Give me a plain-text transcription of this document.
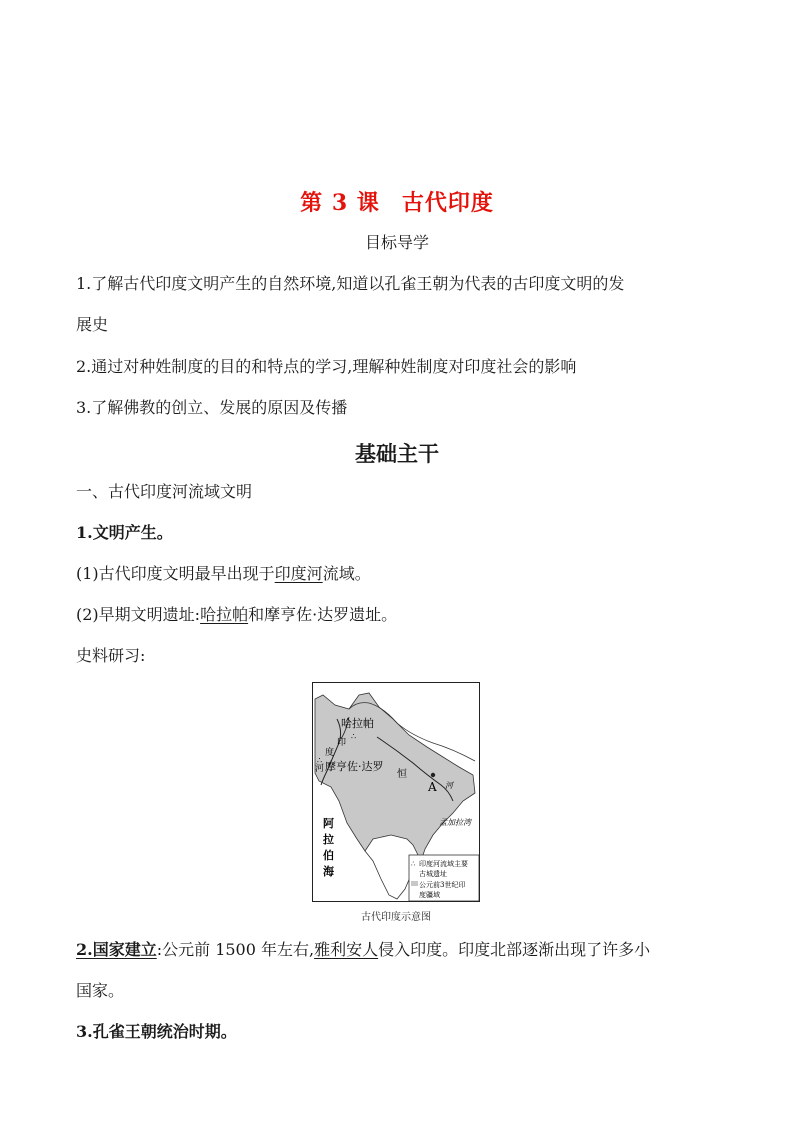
第 3 课 古代印度
目标导学
1.了解古代印度文明产生的自然环境,知道以孔雀王朝为代表的古印度文明的发
展史
2.通过对种姓制度的目的和特点的学习,理解种姓制度对印度社会的影响
3.了解佛教的创立、发展的原因及传播
基础主干
一、古代印度河流域文明
1.文明产生。
(1)古代印度文明最早出现于印度河流域。
(2)早期文明遗址:哈拉帕和摩亨佐·达罗遗址。
史料研习:
哈拉帕
∴
印
度
∴
河 摩亨佐·达罗
恒
A 河
孟加拉湾
阿
拉
伯
海
∴ 印度河流域主要
古城遗址
公元前3世纪印
度疆域
古代印度示意图
2.国家建立:公元前 1500 年左右,雅利安人侵入印度。印度北部逐渐出现了许多小
国家。
3.孔雀王朝统治时期。
